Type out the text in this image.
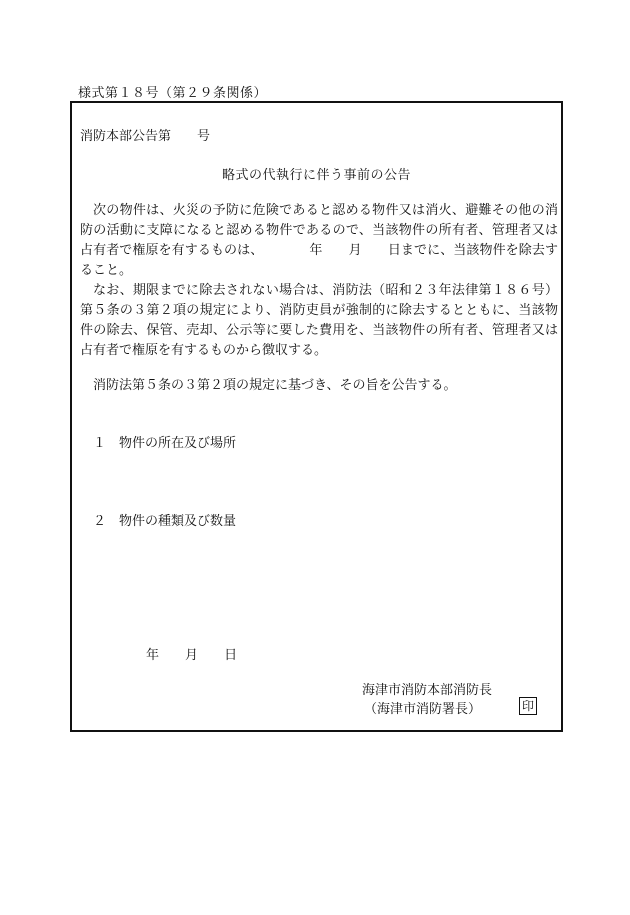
様式第１８号（第２９条関係）
消防本部公告第　　 号
略式の代執行に伴う事前の公告

次の物件は、火災の予防に危険であると認める物件又は消火、避難その他の消防の活動に支障になると認める物件であるので、当該物件の所有者、管理者又は占有者で権原を有するものは、	年 月 日までに、当該物件を除去すること。

なお、期限までに除去されない場合は、消防法（昭和２３年法律第１８６号）第５条の３第２項の規定により、消防吏員が強制的に除去するとともに、当該物件の除去、保管、売却、公示等に要した費用を、当該物件の所有者、管理者又は占有者で権原を有するものから徴収する。

消防法第５条の３第２項の規定に基づき、その旨を公告する。
１　 物件の所在及び場所
２　 物件の種類及び数量
年　　 月　　 日
海津市消防本部消防長
（海津市消防署長）	印
